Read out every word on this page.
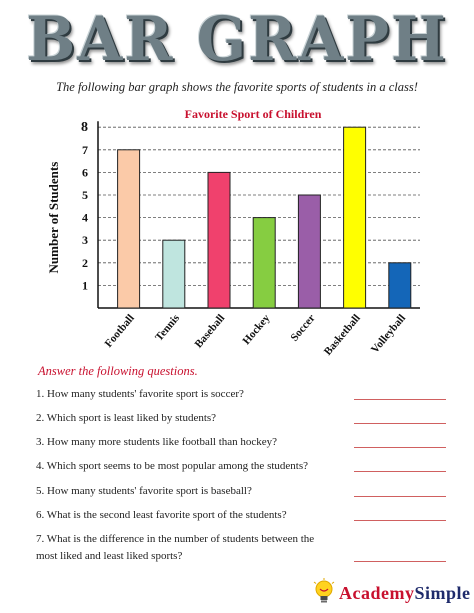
BAR GRAPH
The following bar graph shows the favorite sports of students in a class!
Favorite Sport of Children
Number of Students
1
2
3
4
5
6
7
8
Football Tennis Baseball Hockey Soccer Basketball Volleyball
Answer the following questions.
1. How many students' favorite sport is soccer?
2. Which sport is least liked by students?
3. How many more students like football than hockey?
4. Which sport seems to be most popular among the students?
5. How many students' favorite sport is baseball?
6. What is the second least favorite sport of the students?
7. What is the difference in the number of students between the most liked and least liked sports?
AcademySimple
